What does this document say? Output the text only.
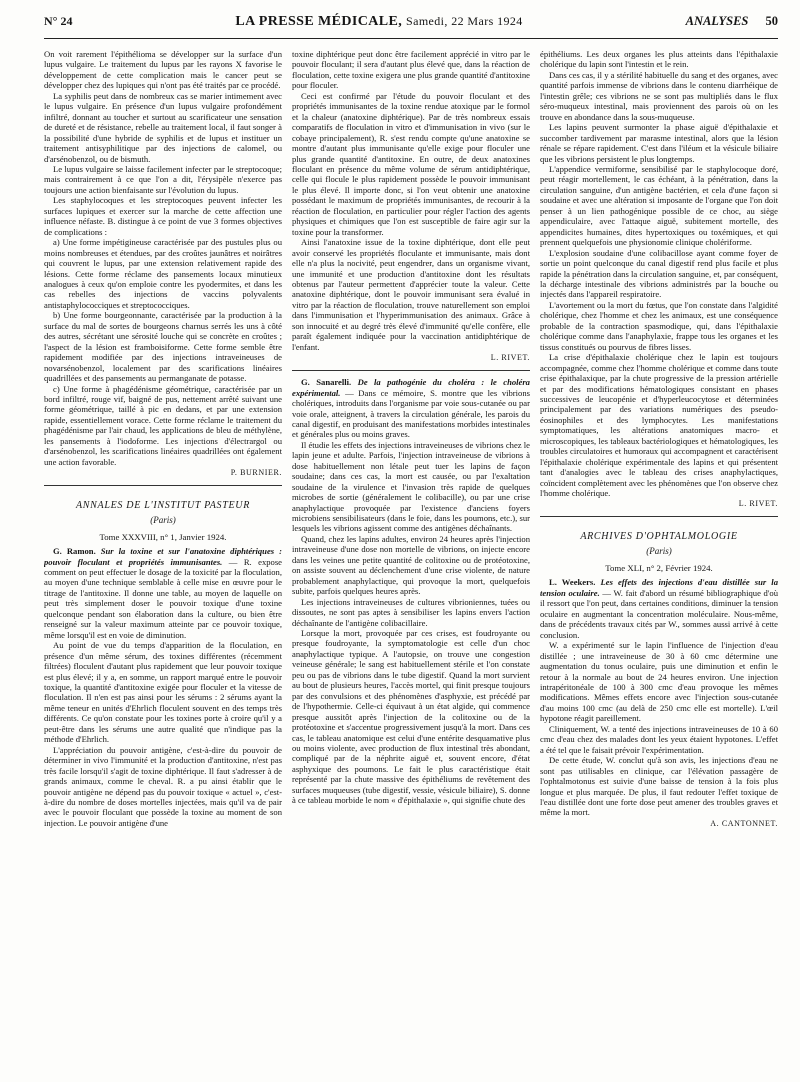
N° 24	LA PRESSE MÉDICALE, Samedi, 22 Mars 1924	ANALYSES 50

On voit rarement l'épithélioma se développer sur la surface d'un lupus vulgaire. Le traitement du lupus par les rayons X favorise le développement de cette complication mais le cancer peut se développer chez des lupiques qui n'ont pas été traités par ce procédé.

La syphilis peut dans de nombreux cas se marier intimement avec le lupus vulgaire. En présence d'un lupus vulgaire profondément infiltré, donnant au toucher et surtout au scarificateur une sensation de dureté et de résistance, rebelle au traitement local, il faut songer à la possibilité d'une hybride de syphilis et de lupus et instituer un traitement antisyphilitique par des injections de calomel, ou d'arsénobenzol, ou de bismuth.

Le lupus vulgaire se laisse facilement infecter par le streptocoque; mais contrairement à ce que l'on a dit, l'érysipèle n'exerce pas toujours une action bienfaisante sur l'évolution du lupus.

Les staphylocoques et les streptocoques peuvent infecter les surfaces lupiques et exercer sur la marche de cette affection une influence néfaste. B. distingue à ce point de vue 3 formes objectives de complications :

a) Une forme impétigineuse caractérisée par des pustules plus ou moins nombreuses et étendues, par des croûtes jaunâtres et noirâtres qui couvrent le lupus, par une extension relativement rapide des lésions. Cette forme réclame des pansements locaux minutieux analogues à ceux qu'on emploie contre les pyodermites, et dans les cas rebelles des injections de vaccins polyvalents antistaphylococciques et streptococciques.

b) Une forme bourgeonnante, caractérisée par la production à la surface du mal de sortes de bourgeons charnus serrés les uns à côté des autres, sécrétant une sérosité louche qui se concrète en croûtes ; l'aspect de la lésion est framboisiforme. Cette forme semble être rapidement modifiée par des injections intraveineuses de novarsénobenzol, localement par des scarifications linéaires quadrillées et des pansements au permanganate de potasse.

c) Une forme à phagédénisme géométrique, caractérisée par un bord infiltré, rouge vif, baigné de pus, nettement arrêté suivant une forme géométrique, taillé à pic en dedans, et par une extension rapide, essentiellement vorace. Cette forme réclame le traitement du phagédénisme par l'air chaud, les applications de bleu de méthylène, les pansements à l'iodoforme. Les injections d'électrargol ou d'arsénobenzol, les scarifications linéaires quadrillées ont également une action favorable.

P. BURNIER.
ANNALES DE L'INSTITUT PASTEUR
(Paris)
Tome XXXVIII, n° 1, Janvier 1924.
G. Ramon. Sur la toxine et sur l'anatoxine diphtériques : pouvoir floculant et propriétés immunisantes. — R. expose comment on peut effectuer le dosage de la toxicité par la floculation, au moyen d'une technique semblable à celle mise en œuvre pour le titrage de l'antitoxine. Il donne une table, au moyen de laquelle on peut très simplement doser le pouvoir toxique d'une toxine quelconque pendant son élaboration dans la culture, ou bien être renseigné sur la valeur maximum atteinte par ce pouvoir toxique, même lorsqu'il est en voie de diminution.

Au point de vue du temps d'apparition de la floculation, en présence d'un même sérum, des toxines différentes (récemment filtrées) floculent d'autant plus rapidement que leur pouvoir toxique est plus élevé; il y a, en somme, un rapport marqué entre le pouvoir toxique, la quantité d'antitoxine exigée pour floculer et la vitesse de floculation. Il n'en est pas ainsi pour les sérums : 2 sérums ayant la même teneur en unités d'Ehrlich floculent souvent en des temps très différents. Ce qu'on constate pour les toxines porte à croire qu'il y a peut-être dans les sérums une autre qualité que n'indique pas la méthode d'Ehrlich.

L'appréciation du pouvoir antigène, c'est-à-dire du pouvoir de déterminer in vivo l'immunité et la production d'antitoxine, n'est pas très facile lorsqu'il s'agit de toxine diphtérique. Il faut s'adresser à de grands animaux, comme le cheval. R. a pu ainsi établir que le pouvoir antigène ne dépend pas du pouvoir toxique « actuel », c'est-à-dire du nombre de doses mortelles injectées, mais qu'il va de pair avec le pouvoir floculant que possède la toxine au moment de son injection. Le pouvoir antigène d'une

toxine diphtérique peut donc être facilement apprécié in vitro par le pouvoir floculant; il sera d'autant plus élevé que, dans la réaction de floculation, cette toxine exigera une plus grande quantité d'antitoxine pour floculer.

Ceci est confirmé par l'étude du pouvoir floculant et des propriétés immunisantes de la toxine rendue atoxique par le formol et la chaleur (anatoxine diphtérique). Par de très nombreux essais comparatifs de floculation in vitro et d'immunisation in vivo (sur le cobaye principalement), R. s'est rendu compte qu'une anatoxine se montre d'autant plus immunisante qu'elle exige pour floculer une plus grande quantité d'antitoxine. En outre, de deux anatoxines floculant en présence du même volume de sérum antidiphtérique, celle qui flocule le plus rapidement possède le pouvoir immunisant le plus élevé. Il importe donc, si l'on veut obtenir une anatoxine possédant le maximum de propriétés immunisantes, de recourir à la réaction de floculation, en particulier pour régler l'action des agents physiques et chimiques que l'on est susceptible de faire agir sur la toxine pour la transformer.

Ainsi l'anatoxine issue de la toxine diphtérique, dont elle peut avoir conservé les propriétés floculante et immunisante, mais dont elle n'a plus la nocivité, peut engendrer, dans un organisme vivant, une immunité et une production d'antitoxine dont les résultats obtenus par l'auteur permettent d'apprécier toute la valeur. Cette anatoxine diphtérique, dont le pouvoir immunisant sera évalué in vitro par la réaction de floculation, trouve naturellement son emploi dans l'immunisation et l'hyperimmunisation des animaux. Grâce à son innocuité et au degré très élevé d'immunité qu'elle confère, elle paraît également indiquée pour la vaccination antidiphtérique de l'enfant.

L. RIVET.
G. Sanarelli. De la pathogénie du choléra : le choléra expérimental. — Dans ce mémoire, S. montre que les vibrions cholériques, introduits dans l'organisme par voie sous-cutanée ou par voie orale, atteignent, à travers la circulation générale, les parois du canal digestif, en produisant des manifestations morbides intestinales et générales plus ou moins graves.

Il étudie les effets des injections intraveineuses de vibrions chez le lapin jeune et adulte. Parfois, l'injection intraveineuse de vibrions à dose habituellement non létale peut tuer les lapins de façon soudaine; dans ces cas, la mort est causée, ou par l'exaltation soudaine de la virulence et l'invasion très rapide de quelques microbes de sortie (généralement le colibacille), ou par une crise anaphylactique provoquée par l'existence d'anciens foyers microbiens sensibilisateurs (dans le foie, dans les poumons, etc.), sur lesquels les vibrions agissent comme des antigènes déchaînants.

Quand, chez les lapins adultes, environ 24 heures après l'injection intraveineuse d'une dose non mortelle de vibrions, on injecte encore dans les veines une petite quantité de colitoxine ou de protéotoxine, on assiste souvent au déclenchement d'une crise violente, de nature probablement anaphylactique, qui provoque la mort, quelquefois subite, parfois quelques heures après.

Les injections intraveineuses de cultures vibrioniennes, tuées ou dissoutes, ne sont pas aptes à sensibiliser les lapins envers l'action déchaînante de l'antigène colibacillaire.

Lorsque la mort, provoquée par ces crises, est foudroyante ou presque foudroyante, la symptomatologie est celle d'un choc anaphylactique typique. A l'autopsie, on trouve une congestion veineuse générale; le sang est habituellement stérile et l'on constate peu ou pas de vibrions dans le tube digestif. Quand la mort survient au bout de plusieurs heures, l'accès mortel, qui finit presque toujours par des convulsions et des phénomènes d'asphyxie, est précédé par de l'hypothermie. Celle-ci équivaut à un état algide, qui commence presque aussitôt après l'injection de la colitoxine ou de la protéotoxine et s'accentue progressivement jusqu'à la mort. Dans ces cas, le tableau anatomique est celui d'une entérite desquamative plus ou moins violente, avec production de flux intestinal très abondant, compliqué par de la néphrite aiguë et, souvent encore, d'état asphyxique des poumons. Le fait le plus caractéristique était représenté par la chute massive des épithéliums de revêtement des surfaces muqueuses (tube digestif, vessie, vésicule biliaire), S. donne à ce tableau morbide le nom « d'épithalaxie », qui signifie chute des

épithéliums. Les deux organes les plus atteints dans l'épithalaxie cholérique du lapin sont l'intestin et le rein.

Dans ces cas, il y a stérilité habituelle du sang et des organes, avec quantité parfois immense de vibrions dans le contenu diarrhéique de l'intestin grêle; ces vibrions ne se sont pas multipliés dans le flux séro-muqueux intestinal, mais proviennent des parois où on les trouve en abondance dans la sous-muqueuse.

Les lapins peuvent surmonter la phase aiguë d'épithalaxie et succomber tardivement par marasme intestinal, alors que la lésion rénale se répare rapidement. C'est dans l'iléum et la vésicule biliaire que les vibrions persistent le plus longtemps.

L'appendice vermiforme, sensibilisé par le staphylocoque doré, peut réagir mortellement, le cas échéant, à la pénétration, dans la circulation sanguine, d'un antigène bactérien, et cela d'une façon si soudaine et avec une altération si imposante de l'organe que l'on doit penser à un lien pathogénique possible de ce choc, au siège appendiculaire, avec l'attaque aiguë, subitement mortelle, des appendicites humaines, dites hypertoxiques ou toxémiques, et qui prennent quelquefois une physionomie clinique cholériforme.

L'explosion soudaine d'une colibacillose ayant comme foyer de sortie un point quelconque du canal digestif rend plus facile et plus rapide la pénétration dans la circulation sanguine, et, par conséquent, la décharge intestinale des vibrions administrés par la bouche ou injectés dans l'appareil respiratoire.

L'avortement ou la mort du fœtus, que l'on constate dans l'algidité cholérique, chez l'homme et chez les animaux, est une conséquence probable de la contraction spasmodique, qui, dans l'épithalaxie cholérique comme dans l'anaphylaxie, frappe tous les organes et les tissus constitués ou pourvus de fibres lisses.

La crise d'épithalaxie cholérique chez le lapin est toujours accompagnée, comme chez l'homme cholérique et comme dans toute crise épithalaxique, par la chute progressive de la pression artérielle et par des modifications hématologiques consistant en phases successives de leucopénie et d'hyperleucocytose et déterminées principalement par des variations numériques des pseudo-éosinophiles et des lymphocytes. Les manifestations symptomatiques, les altérations anatomiques macro- et microscopiques, les tableaux bactériologiques et hématologiques, les troubles circulatoires et humoraux qui accompagnent et caractérisent l'épithalaxie cholérique expérimentale des lapins et qui présentent tant d'analogies avec le tableau des crises anaphylactiques, coïncident complètement avec les phénomènes que l'on observe chez l'homme cholérique.

L. RIVET.
ARCHIVES D'OPHTALMOLOGIE
(Paris)
Tome XLI, n° 2, Février 1924.
L. Weekers. Les effets des injections d'eau distillée sur la tension oculaire. — W. fait d'abord un résumé bibliographique d'où il ressort que l'on peut, dans certaines conditions, diminuer la tension oculaire en augmentant la concentration moléculaire. Nous-même, dans de précédents travaux cités par W., sommes aussi arrivé à cette conclusion.

W. a expérimenté sur le lapin l'influence de l'injection d'eau distillée ; une intraveineuse de 30 à 60 cmc détermine une augmentation du tonus oculaire, puis une diminution et enfin le retour à la normale au bout de 24 heures environ. Une injection intrapéritonéale de 100 à 300 cmc d'eau provoque les mêmes modifications. Mêmes effets encore avec l'injection sous-cutanée d'au moins 100 cmc (au delà de 250 cmc elle est mortelle). L'œil hypotone réagit pareillement.

Cliniquement, W. a tenté des injections intraveineuses de 10 à 60 cmc d'eau chez des malades dont les yeux étaient hypotones. L'effet a été tel que le faisait prévoir l'expérimentation.

De cette étude, W. conclut qu'à son avis, les injections d'eau ne sont pas utilisables en clinique, car l'élévation passagère de l'ophtalmotonus est suivie d'une baisse de tension à la fois plus longue et plus marquée. De plus, il faut redouter l'effet toxique de l'eau distillée dont une forte dose peut amener des troubles graves et même la mort.

A. CANTONNET.
